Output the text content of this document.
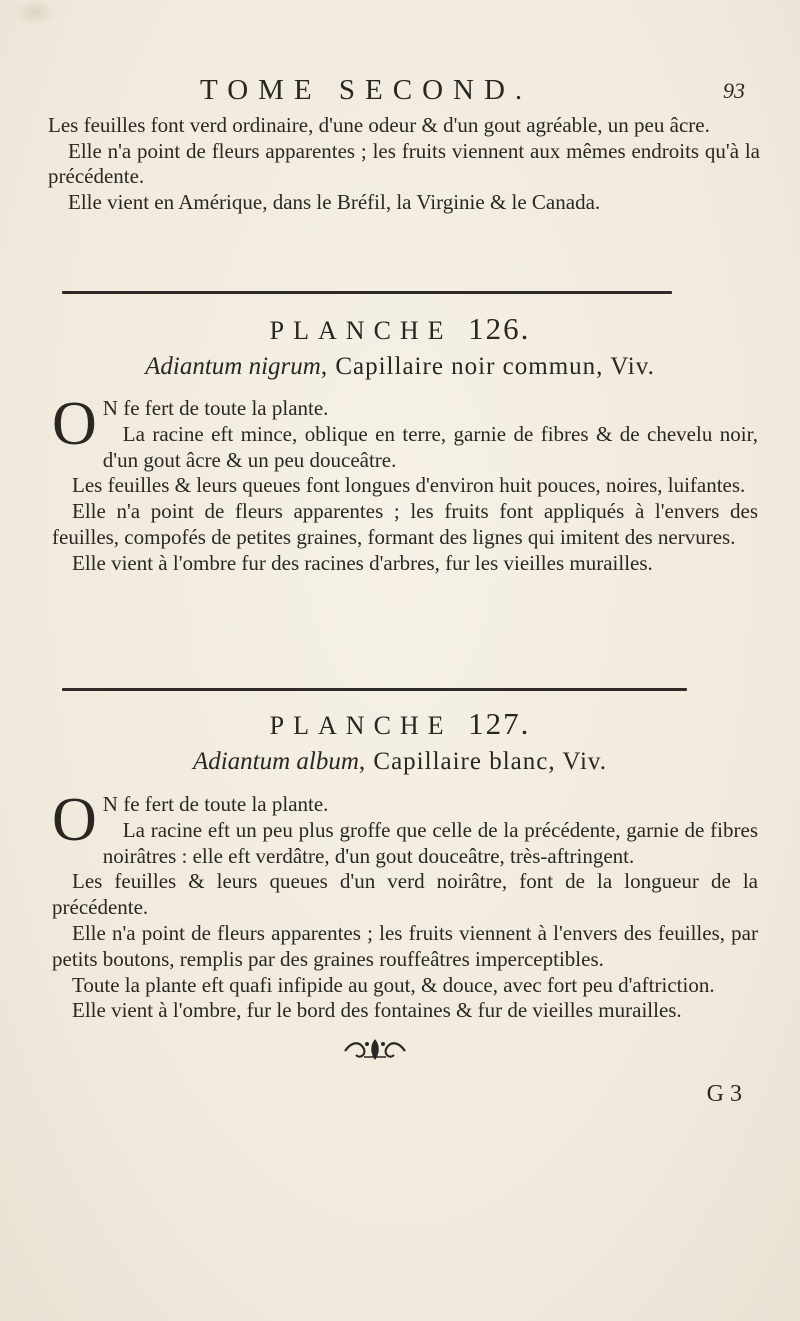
TOME SECOND.	93

Les feuilles font verd ordinaire, d'une odeur & d'un gout agréable, un peu âcre.

Elle n'a point de fleurs apparentes ; les fruits viennent aux mêmes endroits qu'à la précédente.

Elle vient en Amérique, dans le Bréfil, la Virginie & le Canada.

PLANCHE 126.
Adiantum nigrum, Capillaire noir commun, Viv.

O N fe fert de toute la plante.

La racine eft mince, oblique en terre, garnie de fibres & de chevelu noir, d'un gout âcre & un peu douceâtre.

Les feuilles & leurs queues font longues d'environ huit pouces, noires, luifantes.

Elle n'a point de fleurs apparentes ; les fruits font appliqués à l'envers des feuilles, compofés de petites graines, formant des lignes qui imitent des nervures.

Elle vient à l'ombre fur des racines d'arbres, fur les vieilles murailles.

PLANCHE 127.
Adiantum album, Capillaire blanc, Viv.

O N fe fert de toute la plante.

La racine eft un peu plus groffe que celle de la précédente, garnie de fibres noirâtres : elle eft verdâtre, d'un gout douceâtre, très-aftringent.

Les feuilles & leurs queues d'un verd noirâtre, font de la longueur de la précédente.

Elle n'a point de fleurs apparentes ; les fruits viennent à l'envers des feuilles, par petits boutons, remplis par des graines rouffeâtres imperceptibles.

Toute la plante eft quafi infipide au gout, & douce, avec fort peu d'aftriction.

Elle vient à l'ombre, fur le bord des fontaines & fur de vieilles murailles.

G 3
